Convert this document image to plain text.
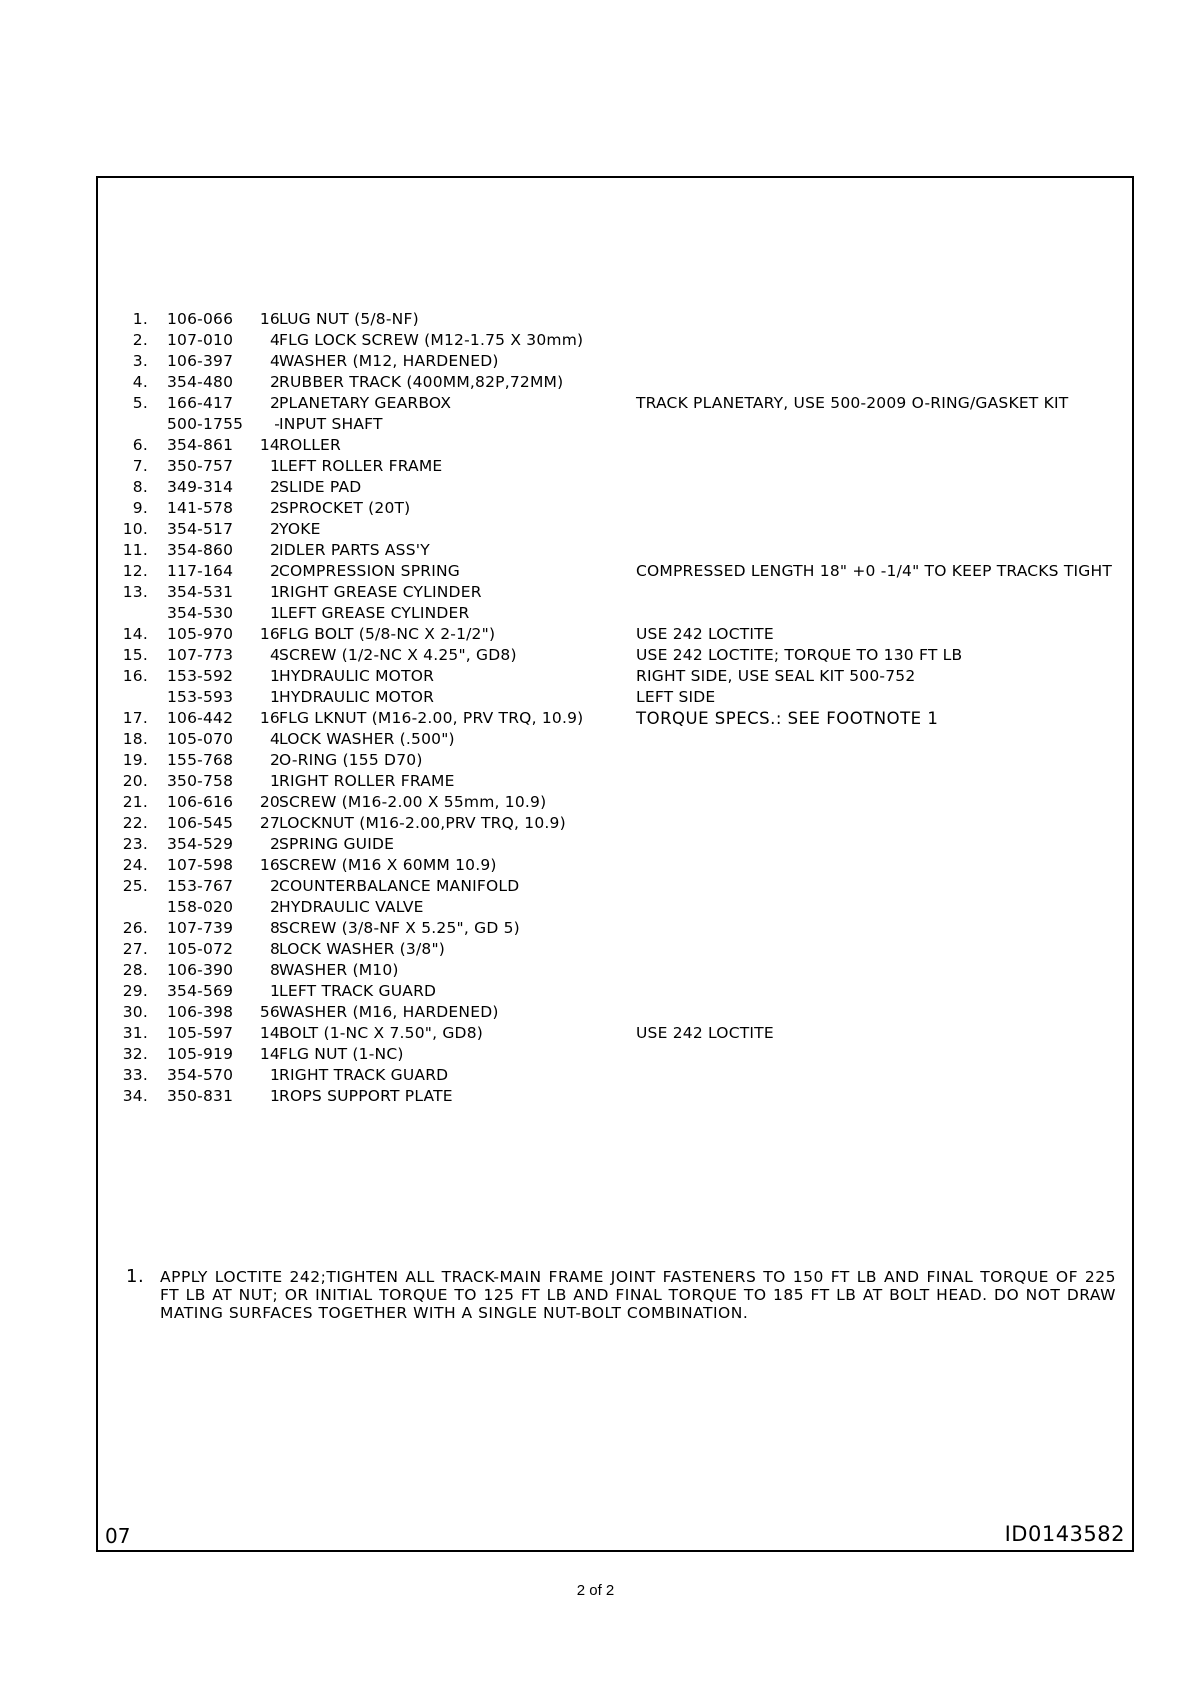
1. 106-066	16 LUG NUT (5/8-NF)
2. 107-010	4 FLG LOCK SCREW (M12-1.75 X 30mm)
3. 106-397	4 WASHER (M12, HARDENED)
4. 354-480	2 RUBBER TRACK (400MM,82P,72MM)
5. 166-417	2 PLANETARY GEARBOX	TRACK PLANETARY, USE 500-2009 O-RING/GASKET KIT
500-1755	- INPUT SHAFT
6. 354-861	14 ROLLER
7. 350-757	1 LEFT ROLLER FRAME
8. 349-314	2 SLIDE PAD
9. 141-578	2 SPROCKET (20T)
10. 354-517	2 YOKE
11. 354-860	2 IDLER PARTS ASS'Y
12. 117-164	2 COMPRESSION SPRING	COMPRESSED LENGTH 18" +0 -1/4" TO KEEP TRACKS TIGHT
13. 354-531	1 RIGHT GREASE CYLINDER
354-530	1 LEFT GREASE CYLINDER
14. 105-970	16 FLG BOLT (5/8-NC X 2-1/2")	USE 242 LOCTITE
15. 107-773	4 SCREW (1/2-NC X 4.25", GD8)	USE 242 LOCTITE; TORQUE TO 130 FT LB
16. 153-592	1 HYDRAULIC MOTOR	RIGHT SIDE, USE SEAL KIT 500-752
153-593	1 HYDRAULIC MOTOR	LEFT SIDE
17. 106-442	16 FLG LKNUT (M16-2.00, PRV TRQ, 10.9)	TORQUE SPECS.: SEE FOOTNOTE 1
18. 105-070	4 LOCK WASHER (.500")
19. 155-768	2 O-RING (155 D70)
20. 350-758	1 RIGHT ROLLER FRAME
21. 106-616	20 SCREW (M16-2.00 X 55mm, 10.9)
22. 106-545	27 LOCKNUT (M16-2.00,PRV TRQ, 10.9)
23. 354-529	2 SPRING GUIDE
24. 107-598	16 SCREW (M16 X 60MM 10.9)
25. 153-767	2 COUNTERBALANCE MANIFOLD
158-020	2 HYDRAULIC VALVE
26. 107-739	8 SCREW (3/8-NF X 5.25", GD 5)
27. 105-072	8 LOCK WASHER (3/8")
28. 106-390	8 WASHER (M10)
29. 354-569	1 LEFT TRACK GUARD
30. 106-398	56 WASHER (M16, HARDENED)
31. 105-597	14 BOLT (1-NC X 7.50", GD8)	USE 242 LOCTITE
32. 105-919	14 FLG NUT (1-NC)
33. 354-570	1 RIGHT TRACK GUARD
34. 350-831	1 ROPS SUPPORT PLATE
1. APPLY LOCTITE 242;TIGHTEN ALL TRACK-MAIN FRAME JOINT FASTENERS TO 150 FT LB AND FINAL TORQUE OF 225 FT LB AT NUT; OR INITIAL TORQUE TO 125 FT LB AND FINAL TORQUE TO 185 FT LB AT BOLT HEAD. DO NOT DRAW MATING SURFACES TOGETHER WITH A SINGLE NUT-BOLT COMBINATION.
07	ID0143582
2 of 2
